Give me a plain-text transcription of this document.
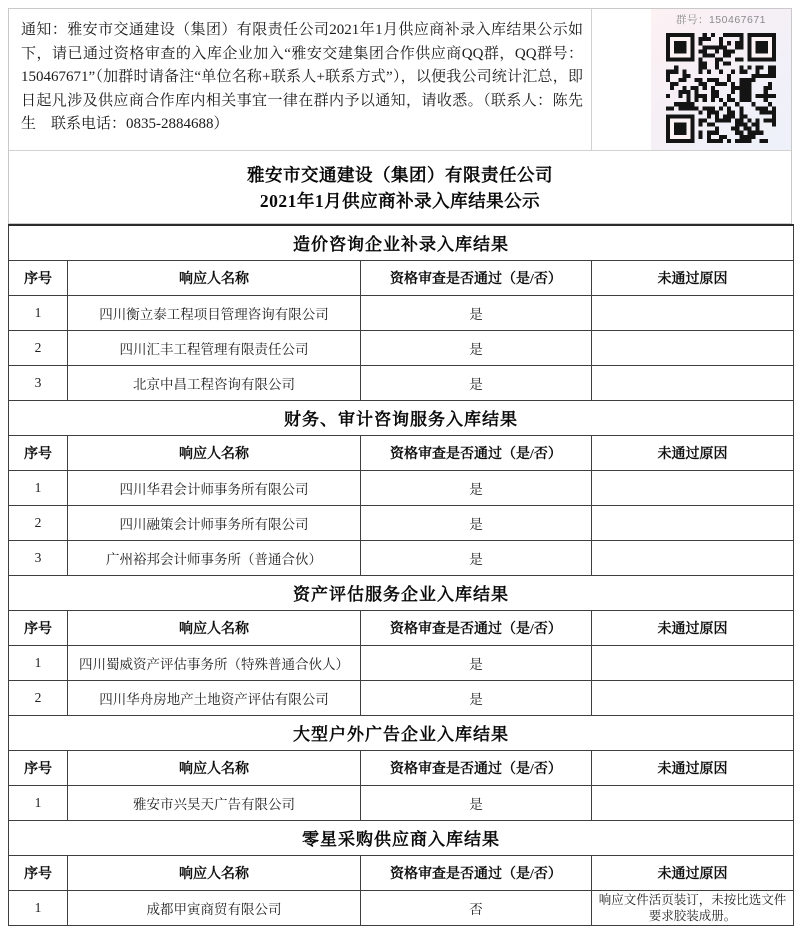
通知：雅安市交通建设（集团）有限责任公司2021年1月供应商补录入库结果公示如下，请已通过资格审查的入库企业加入“雅安交建集团合作供应商QQ群，QQ群号：150467671”（加群时请备注“单位名称+联系人+联系方式”），以便我公司统计汇总，即日起凡涉及供应商合作库内相关事宜一律在群内予以通知，请收悉。（联系人：陈先生　联系电话：0835-2884688）
群号：150467671
雅安市交通建设（集团）有限责任公司
2021年1月供应商补录入库结果公示
造价咨询企业补录入库结果			
序号	响应人名称	资格审查是否通过（是/否）	未通过原因
1	四川衡立泰工程项目管理咨询有限公司	是	
2	四川汇丰工程管理有限责任公司	是	
3	北京中昌工程咨询有限公司	是	
财务、审计咨询服务入库结果			
序号	响应人名称	资格审查是否通过（是/否）	未通过原因
1	四川华君会计师事务所有限公司	是	
2	四川融策会计师事务所有限公司	是	
3	广州裕邦会计师事务所（普通合伙）	是	
资产评估服务企业入库结果			
序号	响应人名称	资格审查是否通过（是/否）	未通过原因
1	四川蜀威资产评估事务所（特殊普通合伙人）	是	
2	四川华舟房地产土地资产评估有限公司	是	
大型户外广告企业入库结果			
序号	响应人名称	资格审查是否通过（是/否）	未通过原因
1	雅安市兴昊天广告有限公司	是	
零星采购供应商入库结果			
序号	响应人名称	资格审查是否通过（是/否）	未通过原因
1	成都甲寅商贸有限公司	否	响应文件活页装订，未按比选文件要求胶装成册。
